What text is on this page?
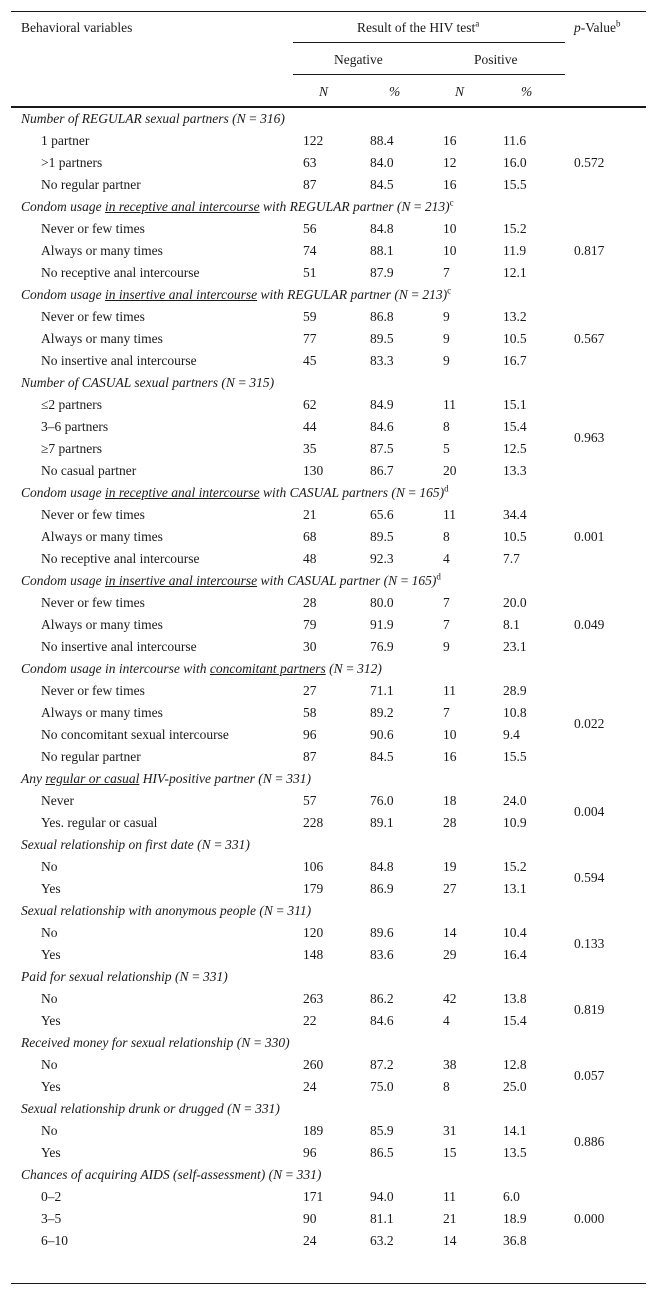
Behavioral variables	Result of the HIV test$^a$	p-Value$^b$
Negative	Positive
N	%	N	%
Number of REGULAR sexual partners (N = 316)
1 partner	122	88.4	16	11.6
>1 partners	63	84.0	12	16.0
No regular partner	87	84.5	16	15.5
0.572
Condom usage in receptive anal intercourse with REGULAR partner (N = 213)$^c$
Never or few times	56	84.8	10	15.2
Always or many times	74	88.1	10	11.9
No receptive anal intercourse	51	87.9	7	12.1
0.817
Condom usage in insertive anal intercourse with REGULAR partner (N = 213)$^c$
Never or few times	59	86.8	9	13.2
Always or many times	77	89.5	9	10.5
No insertive anal intercourse	45	83.3	9	16.7
0.567
Number of CASUAL sexual partners (N = 315)
≤2 partners	62	84.9	11	15.1
3–6 partners	44	84.6	8	15.4
≥7 partners	35	87.5	5	12.5
No casual partner	130	86.7	20	13.3
0.963
Condom usage in receptive anal intercourse with CASUAL partners (N = 165)$^d$
Never or few times	21	65.6	11	34.4
Always or many times	68	89.5	8	10.5
No receptive anal intercourse	48	92.3	4	7.7
0.001
Condom usage in insertive anal intercourse with CASUAL partner (N = 165)$^d$
Never or few times	28	80.0	7	20.0
Always or many times	79	91.9	7	8.1
No insertive anal intercourse	30	76.9	9	23.1
0.049
Condom usage in intercourse with concomitant partners (N = 312)
Never or few times	27	71.1	11	28.9
Always or many times	58	89.2	7	10.8
No concomitant sexual intercourse	96	90.6	10	9.4
No regular partner	87	84.5	16	15.5
0.022
Any regular or casual HIV-positive partner (N = 331)
Never	57	76.0	18	24.0
Yes. regular or casual	228	89.1	28	10.9
0.004
Sexual relationship on first date (N = 331)
No	106	84.8	19	15.2
Yes	179	86.9	27	13.1
0.594
Sexual relationship with anonymous people (N = 311)
No	120	89.6	14	10.4
Yes	148	83.6	29	16.4
0.133
Paid for sexual relationship (N = 331)
No	263	86.2	42	13.8
Yes	22	84.6	4	15.4
0.819
Received money for sexual relationship (N = 330)
No	260	87.2	38	12.8
Yes	24	75.0	8	25.0
0.057
Sexual relationship drunk or drugged (N = 331)
No	189	85.9	31	14.1
Yes	96	86.5	15	13.5
0.886
Chances of acquiring AIDS (self-assessment) (N = 331)
0–2	171	94.0	11	6.0
3–5	90	81.1	21	18.9
6–10	24	63.2	14	36.8
0.000
